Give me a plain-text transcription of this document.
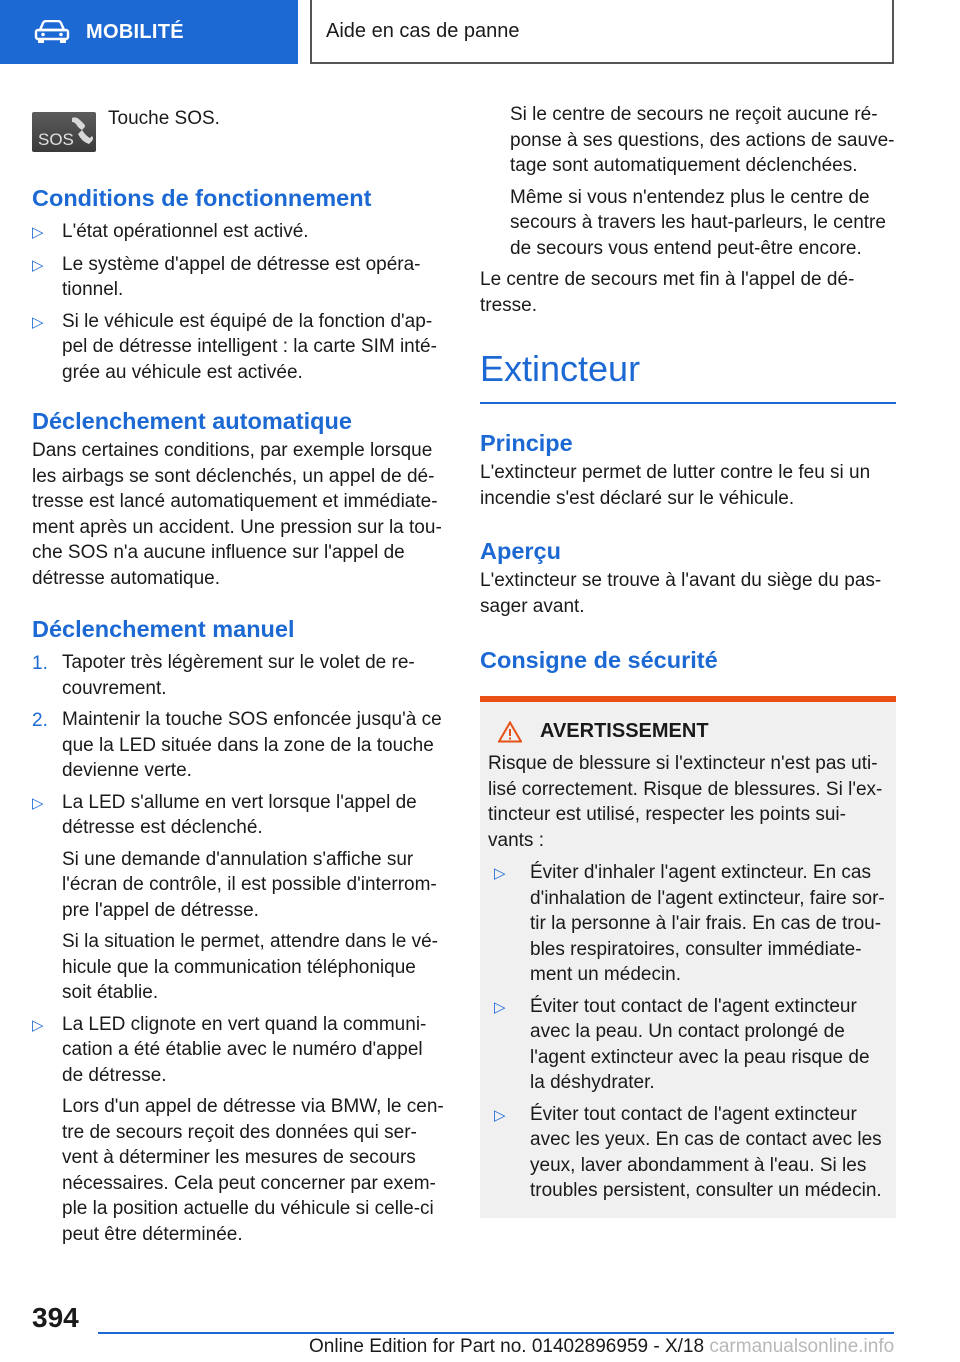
MOBILITÉ	Aide en cas de panne
SOS

Touche SOS.

Conditions de fonctionnement
▷ L'état opérationnel est activé.
▷ Le système d'appel de détresse est opéra-tionnel.
▷ Si le véhicule est équipé de la fonction d'ap-pel de détresse intelligent : la carte SIM inté-grée au véhicule est activée.
Déclenchement automatique

Dans certaines conditions, par exemple lorsque les airbags se sont déclenchés, un appel de dé-tresse est lancé automatiquement et immédiate-ment après un accident. Une pression sur la tou-che SOS n'a aucune influence sur l'appel de détresse automatique.

Déclenchement manuel
1. Tapoter très légèrement sur le volet de re-couvrement.
2. Maintenir la touche SOS enfoncée jusqu'à ce que la LED située dans la zone de la touche devienne verte.
▷ La LED s'allume en vert lorsque l'appel de détresse est déclenché.

Si une demande d'annulation s'affiche sur l'écran de contrôle, il est possible d'interrom-pre l'appel de détresse.

Si la situation le permet, attendre dans le vé-hicule que la communication téléphonique soit établie.

▷ La LED clignote en vert quand la communi-cation a été établie avec le numéro d'appel de détresse.

Lors d'un appel de détresse via BMW, le cen-tre de secours reçoit des données qui ser-vent à déterminer les mesures de secours nécessaires. Cela peut concerner par exem-ple la position actuelle du véhicule si celle-ci peut être déterminée.

Si le centre de secours ne reçoit aucune ré-ponse à ses questions, des actions de sauve-tage sont automatiquement déclenchées.

Même si vous n'entendez plus le centre de secours à travers les haut-parleurs, le centre de secours vous entend peut-être encore.

Le centre de secours met fin à l'appel de dé-tresse.

Extincteur
Principe

L'extincteur permet de lutter contre le feu si un incendie s'est déclaré sur le véhicule.

Aperçu

L'extincteur se trouve à l'avant du siège du pas-sager avant.

Consigne de sécurité
AVERTISSEMENT

Risque de blessure si l'extincteur n'est pas uti-lisé correctement. Risque de blessures. Si l'ex-tincteur est utilisé, respecter les points sui-vants :

▷	Éviter d'inhaler l'agent extincteur. En cas d'inhalation de l'agent extincteur, faire sor-tir la personne à l'air frais. En cas de trou-bles respiratoires, consulter immédiate-ment un médecin.
▷	Éviter tout contact de l'agent extincteur avec la peau. Un contact prolongé de l'agent extincteur avec la peau risque de la déshydrater.
▷	Éviter tout contact de l'agent extincteur avec les yeux. En cas de contact avec les yeux, laver abondamment à l'eau. Si les troubles persistent, consulter un médecin.
394
Online Edition for Part no. 01402896959 - X/18 carmanualsonline.info
